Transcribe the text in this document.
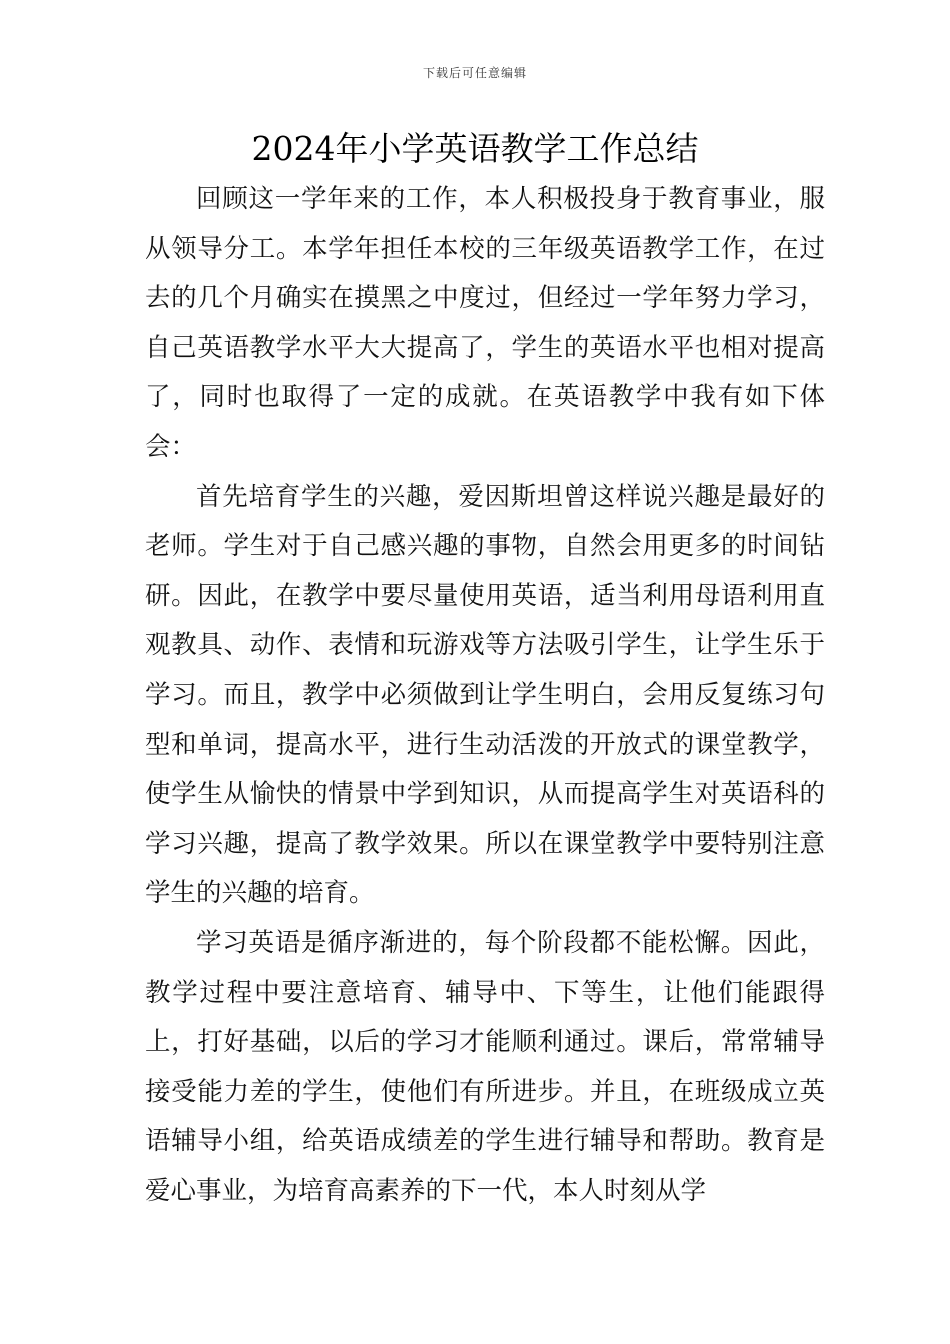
下载后可任意编辑
2024年小学英语教学工作总结

回顾这一学年来的工作，本人积极投身于教育事业，服从领导分工。本学年担任本校的三年级英语教学工作，在过去的几个月确实在摸黑之中度过，但经过一学年努力学习，自己英语教学水平大大提高了，学生的英语水平也相对提高了，同时也取得了一定的成就。在英语教学中我有如下体会：

首先培育学生的兴趣，爱因斯坦曾这样说兴趣是最好的老师。学生对于自己感兴趣的事物，自然会用更多的时间钻研。因此，在教学中要尽量使用英语，适当利用母语利用直观教具、动作、表情和玩游戏等方法吸引学生，让学生乐于学习。而且，教学中必须做到让学生明白，会用反复练习句型和单词，提高水平，进行生动活泼的开放式的课堂教学，使学生从愉快的情景中学到知识，从而提高学生对英语科的学习兴趣，提高了教学效果。所以在课堂教学中要特别注意学生的兴趣的培育。

学习英语是循序渐进的，每个阶段都不能松懈。因此，教学过程中要注意培育、辅导中、下等生，让他们能跟得上，打好基础，以后的学习才能顺利通过。课后，常常辅导接受能力差的学生，使他们有所进步。并且，在班级成立英语辅导小组，给英语成绩差的学生进行辅导和帮助。教育是爱心事业，为培育高素养的下一代，本人时刻从学
